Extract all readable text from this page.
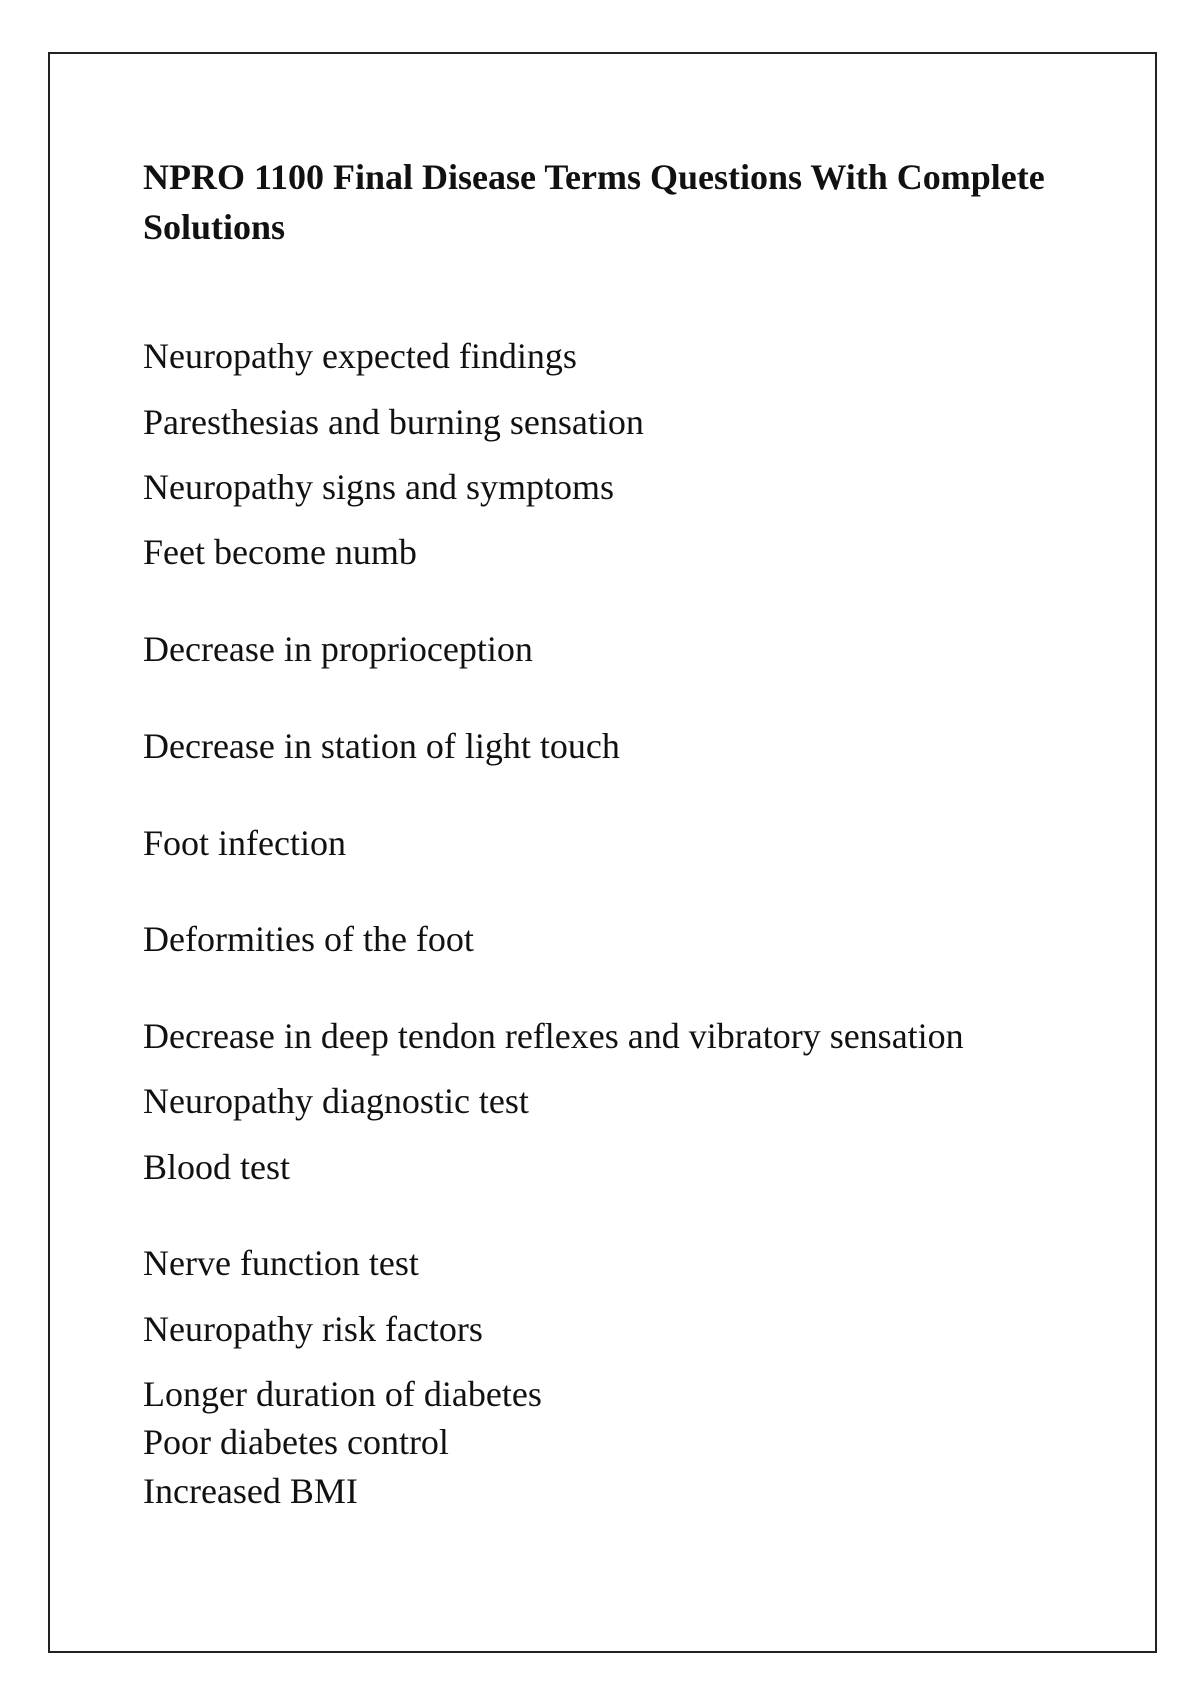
NPRO 1100 Final Disease Terms Questions With Complete Solutions

Neuropathy expected findings

Paresthesias and burning sensation

Neuropathy signs and symptoms

Feet become numb

Decrease in proprioception

Decrease in station of light touch

Foot infection

Deformities of the foot

Decrease in deep tendon reflexes and vibratory sensation

Neuropathy diagnostic test

Blood test

Nerve function test

Neuropathy risk factors

Longer duration of diabetes

Poor diabetes control

Increased BMI
